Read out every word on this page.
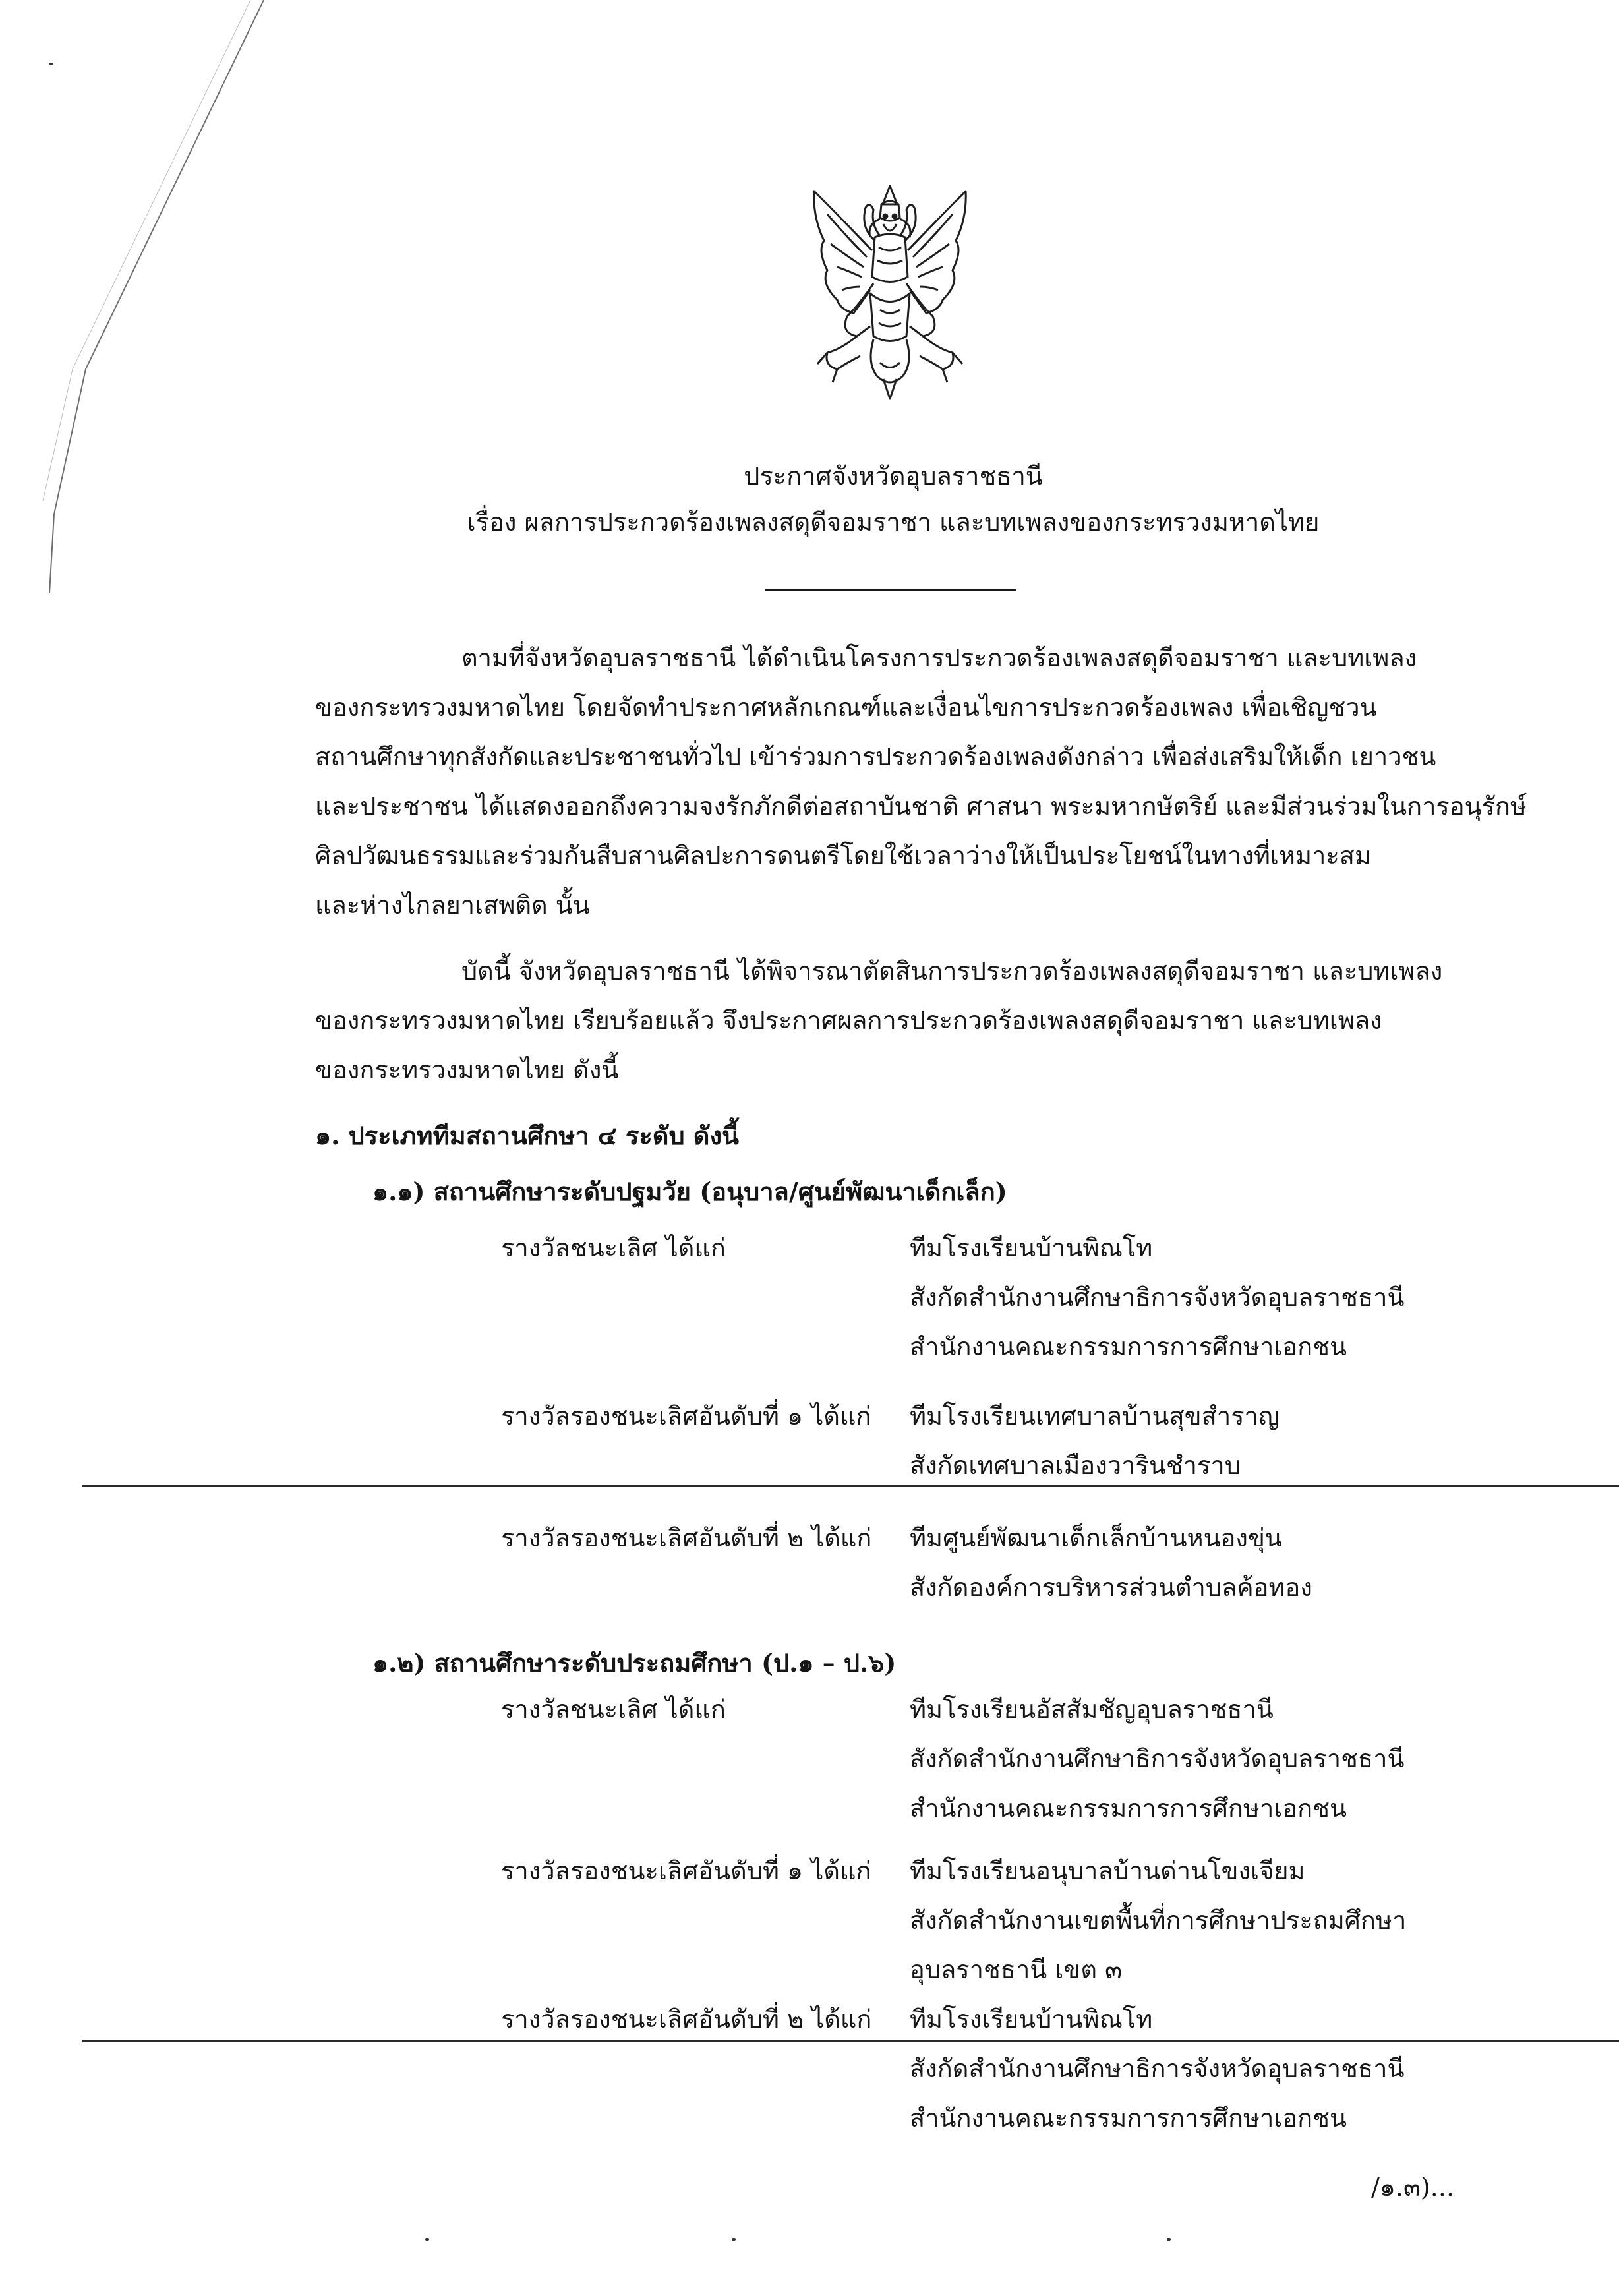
ประกาศจังหวัดอุบลราชธานี
เรื่อง ผลการประกวดร้องเพลงสดุดีจอมราชา และบทเพลงของกระทรวงมหาดไทย
ตามที่จังหวัดอุบลราชธานี ได้ดำเนินโครงการประกวดร้องเพลงสดุดีจอมราชา และบทเพลง
ของกระทรวงมหาดไทย โดยจัดทำประกาศหลักเกณฑ์และเงื่อนไขการประกวดร้องเพลง เพื่อเชิญชวน
สถานศึกษาทุกสังกัดและประชาชนทั่วไป เข้าร่วมการประกวดร้องเพลงดังกล่าว เพื่อส่งเสริมให้เด็ก เยาวชน
และประชาชน ได้แสดงออกถึงความจงรักภักดีต่อสถาบันชาติ ศาสนา พระมหากษัตริย์ และมีส่วนร่วมในการอนุรักษ์
ศิลปวัฒนธรรมและร่วมกันสืบสานศิลปะการดนตรีโดยใช้เวลาว่างให้เป็นประโยชน์ในทางที่เหมาะสม
และห่างไกลยาเสพติด นั้น
บัดนี้ จังหวัดอุบลราชธานี ได้พิจารณาตัดสินการประกวดร้องเพลงสดุดีจอมราชา และบทเพลง
ของกระทรวงมหาดไทย เรียบร้อยแล้ว จึงประกาศผลการประกวดร้องเพลงสดุดีจอมราชา และบทเพลง
ของกระทรวงมหาดไทย ดังนี้
๑. ประเภททีมสถานศึกษา ๔ ระดับ ดังนี้
๑.๑) สถานศึกษาระดับปฐมวัย (อนุบาล/ศูนย์พัฒนาเด็กเล็ก)
รางวัลชนะเลิศ ได้แก่	ทีมโรงเรียนบ้านพิณโท
สังกัดสำนักงานศึกษาธิการจังหวัดอุบลราชธานี
สำนักงานคณะกรรมการการศึกษาเอกชน
รางวัลรองชนะเลิศอันดับที่ ๑ ได้แก่ ทีมโรงเรียนเทศบาลบ้านสุขสำราญ
สังกัดเทศบาลเมืองวารินชำราบ
รางวัลรองชนะเลิศอันดับที่ ๒ ได้แก่ ทีมศูนย์พัฒนาเด็กเล็กบ้านหนองขุ่น
สังกัดองค์การบริหารส่วนตำบลค้อทอง
๑.๒) สถานศึกษาระดับประถมศึกษา (ป.๑ – ป.๖)
รางวัลชนะเลิศ ได้แก่	ทีมโรงเรียนอัสสัมชัญอุบลราชธานี
สังกัดสำนักงานศึกษาธิการจังหวัดอุบลราชธานี
สำนักงานคณะกรรมการการศึกษาเอกชน
รางวัลรองชนะเลิศอันดับที่ ๑ ได้แก่ ทีมโรงเรียนอนุบาลบ้านด่านโขงเจียม
สังกัดสำนักงานเขตพื้นที่การศึกษาประถมศึกษา
อุบลราชธานี เขต ๓
รางวัลรองชนะเลิศอันดับที่ ๒ ได้แก่ ทีมโรงเรียนบ้านพิณโท
สังกัดสำนักงานศึกษาธิการจังหวัดอุบลราชธานี
สำนักงานคณะกรรมการการศึกษาเอกชน
/๑.๓)...
